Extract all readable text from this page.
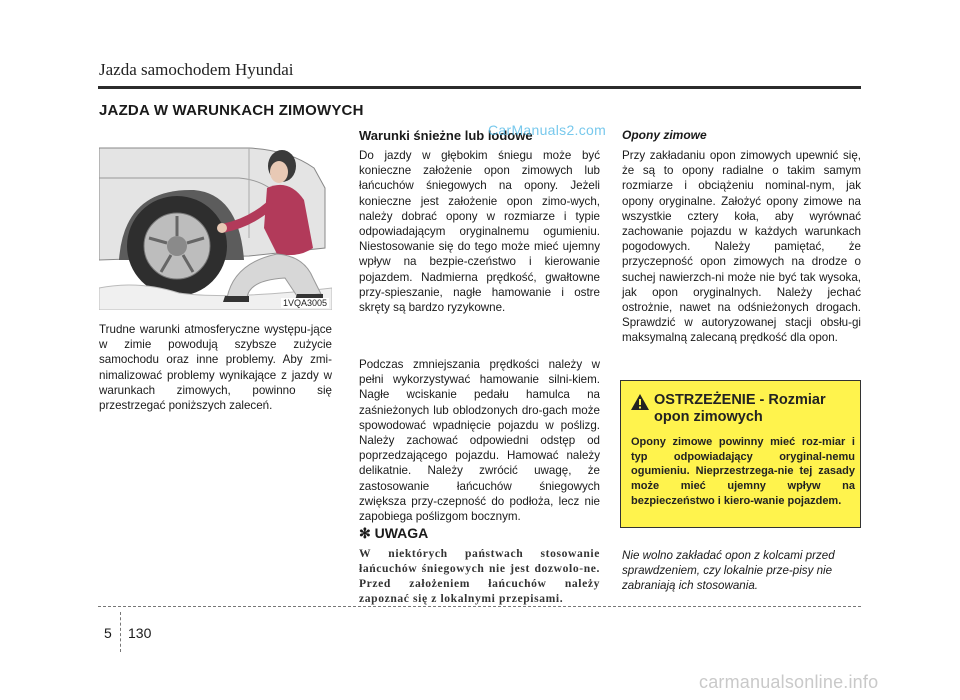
Jazda samochodem Hyundai
JAZDA W WARUNKACH ZIMOWYCH
1VQA3005

Trudne warunki atmosferyczne występu-jące w zimie powodują szybsze zużycie samochodu oraz inne problemy. Aby zmi-nimalizować problemy wynikające z jazdy w warunkach zimowych, powinno się przestrzegać poniższych zaleceń.

Warunki śnieżne lub lodowe
CarManuals2.com

Do jazdy w głębokim śniegu może być konieczne założenie opon zimowych lub łańcuchów śniegowych na opony. Jeżeli konieczne jest założenie opon zimo-wych, należy dobrać opony w rozmiarze i typie odpowiadającym oryginalnemu ogumieniu. Niestosowanie się do tego może mieć ujemny wpływ na bezpie-czeństwo i kierowanie pojazdem. Nadmierna prędkość, gwałtowne przy-spieszanie, nagłe hamowanie i ostre skręty są bardzo ryzykowne.

Podczas zmniejszania prędkości należy w pełni wykorzystywać hamowanie silni-kiem. Nagłe wciskanie pedału hamulca na zaśnieżonych lub oblodzonych dro-gach może spowodować wpadnięcie pojazdu w poślizg. Należy zachować odpowiedni odstęp od poprzedzającego pojazdu. Hamować należy delikatnie. Należy zwrócić uwagę, że zastosowanie łańcuchów śniegowych zwiększa przy-czepność do podłoża, lecz nie zapobiega poślizgom bocznym.

✻ UWAGA
W niektórych państwach stosowanie łańcuchów śniegowych nie jest dozwolo-ne. Przed założeniem łańcuchów należy zapoznać się z lokalnymi przepisami.
Opony zimowe

Przy zakładaniu opon zimowych upewnić się, że są to opony radialne o takim samym rozmiarze i obciążeniu nominal-nym, jak opony oryginalne. Założyć opony zimowe na wszystkie cztery koła, aby wyrównać zachowanie pojazdu w każdych warunkach pogodowych. Należy pamiętać, że przyczepność opon zimowych na drodze o suchej nawierzch-ni może nie być tak wysoka, jak opon oryginalnych. Należy jechać ostrożnie, nawet na odśnieżonych drogach. Sprawdzić w autoryzowanej stacji obsłu-gi maksymalną zalecaną prędkość dla opon.

OSTRZEŻENIE - Rozmiar opon zimowych
Opony zimowe powinny mieć roz-miar i typ odpowiadający oryginal-nemu ogumieniu. Nieprzestrzega-nie tej zasady może mieć ujemny wpływ na bezpieczeństwo i kiero-wanie pojazdem.

Nie wolno zakładać opon z kolcami przed sprawdzeniem, czy lokalnie prze-pisy nie zabraniają ich stosowania.

5 130
carmanualsonline.info
